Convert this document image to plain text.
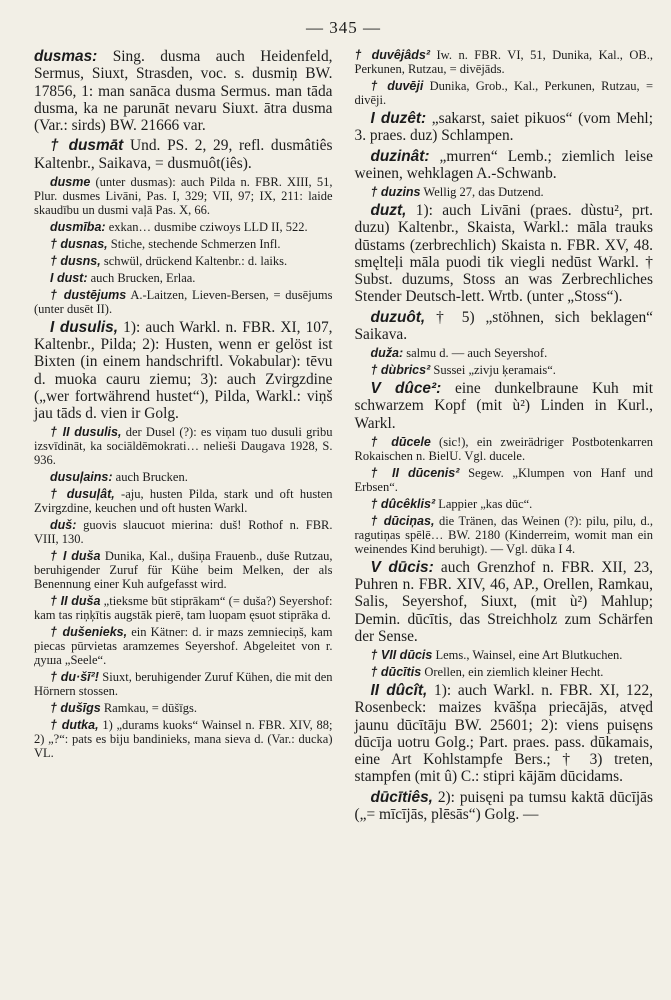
— 345 —

dusmas: Sing. dusma auch Heidenfeld, Sermus, Siuxt, Strasden, voc. s. dusmiņ BW. 17856, 1: man sanāca dusma Sermus. man tāda dusma, ka ne parunāt nevaru Siuxt. ātra dusma (Var.: sirds) BW. 21666 var.

† dusmāt Und. PS. 2, 29, refl. dusmâtiês Kaltenbr., Saikava, = dusmuôt(iês).

dusme (unter dusmas): auch Pilda n. FBR. XIII, 51, Plur. dusmes Livāni, Pas. I, 329; VII, 97; IX, 211: laide skaudību un dusmi vaļā Pas. X, 66.

dusmība: exkan… dusmibe cziwoys LLD II, 522.

† dusnas, Stiche, stechende Schmerzen Infl.

† dusns, schwül, drückend Kaltenbr.: d. laiks.

I dust: auch Brucken, Erlaa.

† dustējums A.-Laitzen, Lieven-Bersen, = dusējums (unter dusēt II).

I dusulis, 1): auch Warkl. n. FBR. XI, 107, Kaltenbr., Pilda; 2): Husten, wenn er gelöst ist Bixten (in einem handschriftl. Vokabular): tēvu d. muoka cauru ziemu; 3): auch Zvirgzdine („wer fortwährend hustet“), Pilda, Warkl.: viņš jau tāds d. vien ir Golg.

† II dusulis, der Dusel (?): es viņam tuo dusuli gribu izsvīdināt, ka sociāldēmokrati… nelieši Daugava 1928, S. 936.

dusuļains: auch Brucken.

† dusuļât, -aju, husten Pilda, stark und oft husten Zvirgzdine, keuchen und oft husten Warkl.

duš: guovis slaucuot mierina: duš! Rothof n. FBR. VIII, 130.

† I duša Dunika, Kal., dušiņa Frauenb., duše Rutzau, beruhigender Zuruf für Kühe beim Melken, der als Benennung einer Kuh aufgefasst wird.

† II duša „tieksme būt stiprākam“ (= duša?) Seyershof: kam tas riņķītis augstāk pierē, tam luopam ęsuot stiprāka d.

† dušenieks, ein Kätner: d. ir mazs zemnieciņš, kam piecas pūrvietas aramzemes Seyershof. Abgeleitet von r. душа „Seele“.

† du·šī²! Siuxt, beruhigender Zuruf Kühen, die mit den Hörnern stossen.

† dušīgs Ramkau, = dūšīgs.

† dutka, 1) „durams kuoks“ Wainsel n. FBR. XIV, 88; 2) „?“: pats es biju bandinieks, mana sieva d. (Var.: ducka) VL.

† duvêjâds² Iw. n. FBR. VI, 51, Dunika, Kal., OB., Perkunen, Rutzau, = divējāds.

† duvēji Dunika, Grob., Kal., Perkunen, Rutzau, = divēji.

I duzêt: „sakarst, saiet pikuos“ (vom Mehl; 3. praes. duz) Schlampen.

duzinât: „murren“ Lemb.; ziemlich leise weinen, wehklagen A.-Schwanb.

† duzins Wellig 27, das Dutzend.

duzt, 1): auch Livāni (praes. dùstu², prt. duzu) Kaltenbr., Skaista, Warkl.: māla trauks dūstams (zerbrechlich) Skaista n. FBR. XV, 48. smęlteļi māla puodi tik viegli nedūst Warkl. † Subst. duzums, Stoss an was Zerbrechliches Stender Deutsch-lett. Wrtb. (unter „Stoss“).

duzuôt, † 5) „stöhnen, sich beklagen“ Saikava.

duža: salmu d. — auch Seyershof.

† dùbrics² Sussei „zivju ķeramais“.

V dûce²: eine dunkelbraune Kuh mit schwarzem Kopf (mit ù²) Linden in Kurl., Warkl.

† dūcele (sic!), ein zweirädriger Postbotenkarren Rokaischen n. BielU. Vgl. ducele.

† II dūcenis² Segew. „Klumpen von Hanf und Erbsen“.

† dûcêklis² Lappier „kas dūc“.

† dūciņas, die Tränen, das Weinen (?): pilu, pilu, d., ragutiņas spēlē… BW. 2180 (Kinderreim, womit man ein weinendes Kind beruhigt). — Vgl. dūka I 4.

V dūcis: auch Grenzhof n. FBR. XII, 23, Puhren n. FBR. XIV, 46, AP., Orellen, Ramkau, Salis, Seyershof, Siuxt, (mit ù²) Mahlup; Demin. dūcītis, das Streichholz zum Schärfen der Sense.

† VII dūcis Lems., Wainsel, eine Art Blutkuchen.

† dūcītis Orellen, ein ziemlich kleiner Hecht.

II dûcît, 1): auch Warkl. n. FBR. XI, 122, Rosenbeck: maizes kvāšņa priecājās, atvęd jaunu dūcītāju BW. 25601; 2): viens puisęns dūcīja uotru Golg.; Part. praes. pass. dūkamais, eine Art Kohlstampfe Bers.; † 3) treten, stampfen (mit û) C.: stipri kājām dūcidams.

dūcītiês, 2): puisęni pa tumsu kaktā dūcījās („= mīcījās, plēsās“) Golg. —
